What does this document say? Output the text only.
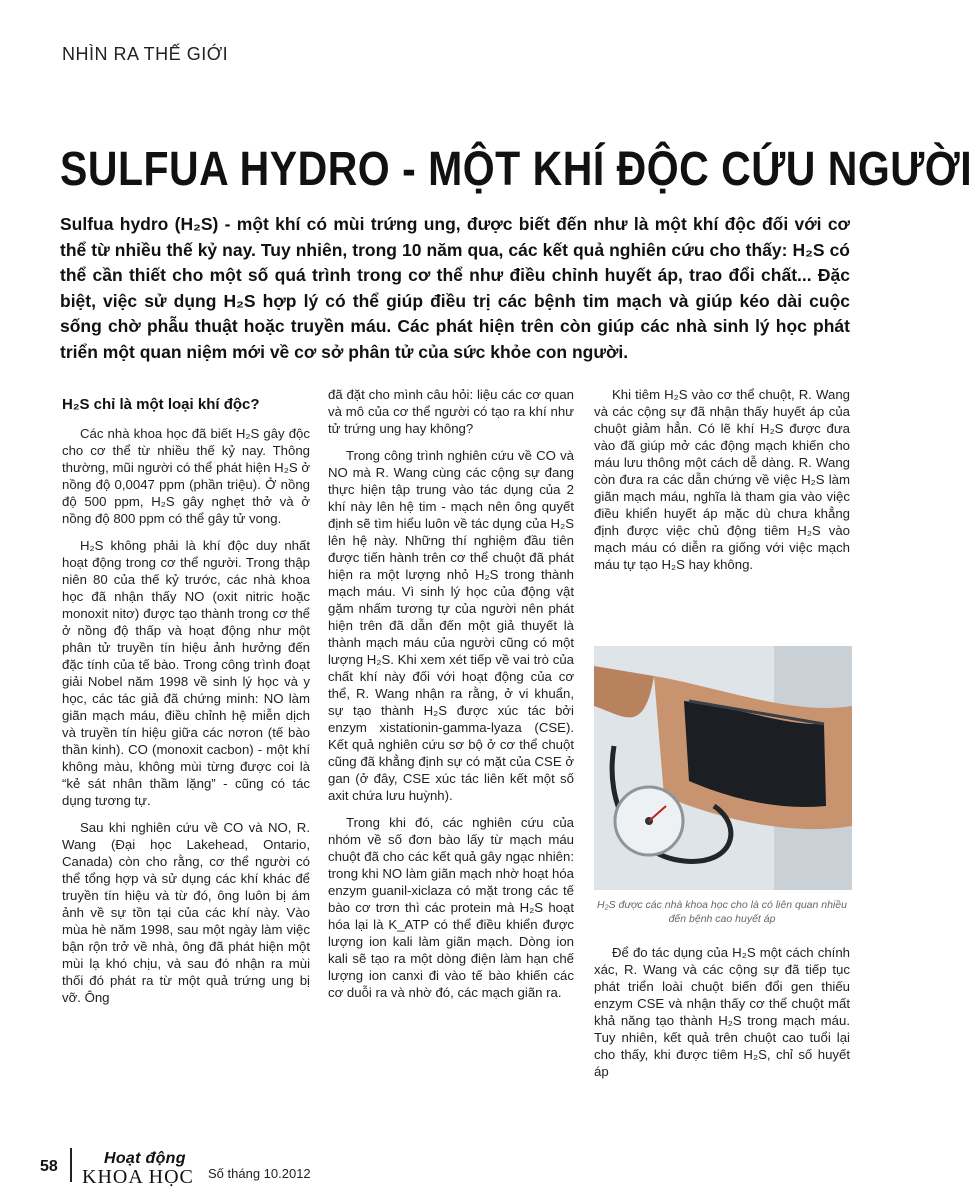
NHÌN RA THẾ GIỚI
SULFUA HYDRO - MỘT KHÍ ĐỘC CỨU NGƯỜI

Sulfua hydro (H₂S) - một khí có mùi trứng ung, được biết đến như là một khí độc đối với cơ thể từ nhiều thế kỷ nay. Tuy nhiên, trong 10 năm qua, các kết quả nghiên cứu cho thấy: H₂S có thể cần thiết cho một số quá trình trong cơ thể như điều chỉnh huyết áp, trao đổi chất... Đặc biệt, việc sử dụng H₂S hợp lý có thể giúp điều trị các bệnh tim mạch và giúp kéo dài cuộc sống chờ phẫu thuật hoặc truyền máu. Các phát hiện trên còn giúp các nhà sinh lý học phát triển một quan niệm mới về cơ sở phân tử của sức khỏe con người.

H₂S chỉ là một loại khí độc?

Các nhà khoa học đã biết H₂S gây độc cho cơ thể từ nhiều thế kỷ nay. Thông thường, mũi người có thể phát hiện H₂S ở nồng độ 0,0047 ppm (phần triệu). Ở nồng độ 500 ppm, H₂S gây nghẹt thở và ở nồng độ 800 ppm có thể gây tử vong.

H₂S không phải là khí độc duy nhất hoạt động trong cơ thể người. Trong thập niên 80 của thế kỷ trước, các nhà khoa học đã nhận thấy NO (oxit nitric hoặc monoxit nitơ) được tạo thành trong cơ thể ở nồng độ thấp và hoạt động như một phân tử truyền tín hiệu ảnh hưởng đến đặc tính của tế bào. Trong công trình đoạt giải Nobel năm 1998 về sinh lý học và y học, các tác giả đã chứng minh: NO làm giãn mạch máu, điều chỉnh hệ miễn dịch và truyền tín hiệu giữa các nơron (tế bào thần kinh). CO (monoxit cacbon) - một khí không màu, không mùi từng được coi là “kẻ sát nhân thầm lặng” - cũng có tác dụng tương tự.

Sau khi nghiên cứu về CO và NO, R. Wang (Đại học Lakehead, Ontario, Canada) còn cho rằng, cơ thể người có thể tổng hợp và sử dụng các khí khác để truyền tín hiệu và từ đó, ông luôn bị ám ảnh về sự tồn tại của các khí này. Vào mùa hè năm 1998, sau một ngày làm việc bận rộn trở về nhà, ông đã phát hiện một mùi lạ khó chịu, và sau đó nhận ra mùi thối đó phát ra từ một quả trứng ung bị vỡ. Ông

đã đặt cho mình câu hỏi: liệu các cơ quan và mô của cơ thể người có tạo ra khí như tử trứng ung hay không?

Trong công trình nghiên cứu về CO và NO mà R. Wang cùng các cộng sự đang thực hiện tập trung vào tác dụng của 2 khí này lên hệ tim - mạch nên ông quyết định sẽ tìm hiểu luôn về tác dụng của H₂S lên hệ này. Những thí nghiệm đầu tiên được tiến hành trên cơ thể chuột đã phát hiện ra một lượng nhỏ H₂S trong thành mạch máu. Vì sinh lý học của động vật gặm nhấm tương tự của người nên phát hiện trên đã dẫn đến một giả thuyết là thành mạch máu của người cũng có một lượng H₂S. Khi xem xét tiếp về vai trò của chất khí này đối với hoạt động của cơ thể, R. Wang nhận ra rằng, ở vi khuẩn, sự tạo thành H₂S được xúc tác bởi enzym xistationin-gamma-lyaza (CSE). Kết quả nghiên cứu sơ bộ ở cơ thể chuột cũng đã khẳng định sự có mặt của CSE ở gan (ở đây, CSE xúc tác liên kết một số axit chứa lưu huỳnh).

Trong khi đó, các nghiên cứu của nhóm về số đơn bào lấy từ mạch máu chuột đã cho các kết quả gây ngạc nhiên: trong khi NO làm giãn mạch nhờ hoạt hóa enzym guanil-xiclaza có mặt trong các tế bào cơ trơn thì các protein mà H₂S hoạt hóa lại là K_ATP có thể điều khiển được lượng ion kali làm giãn mạch. Dòng ion kali sẽ tạo ra một dòng điện làm hạn chế lượng ion canxi đi vào tế bào khiến các cơ duỗi ra và nhờ đó, các mạch giãn ra.

Khi tiêm H₂S vào cơ thể chuột, R. Wang và các cộng sự đã nhận thấy huyết áp của chuột giảm hẳn. Có lẽ khí H₂S được đưa vào đã giúp mở các động mạch khiến cho máu lưu thông một cách dễ dàng. R. Wang còn đưa ra các dẫn chứng về việc H₂S làm giãn mạch máu, nghĩa là tham gia vào việc điều khiển huyết áp mặc dù chưa khẳng định được việc chủ động tiêm H₂S vào mạch máu có diễn ra giống với việc mạch máu tự tạo H₂S hay không.

H₂S được các nhà khoa học cho là có liên quan nhiều đến bệnh cao huyết áp

Để đo tác dụng của H₂S một cách chính xác, R. Wang và các cộng sự đã tiếp tục phát triển loài chuột biến đổi gen thiếu enzym CSE và nhận thấy cơ thể chuột mất khả năng tạo thành H₂S trong mạch máu. Tuy nhiên, kết quả trên chuột cao tuổi lại cho thấy, khi được tiêm H₂S, chỉ số huyết áp

58	Hoạt động
KHOA HỌC Số tháng 10.2012
